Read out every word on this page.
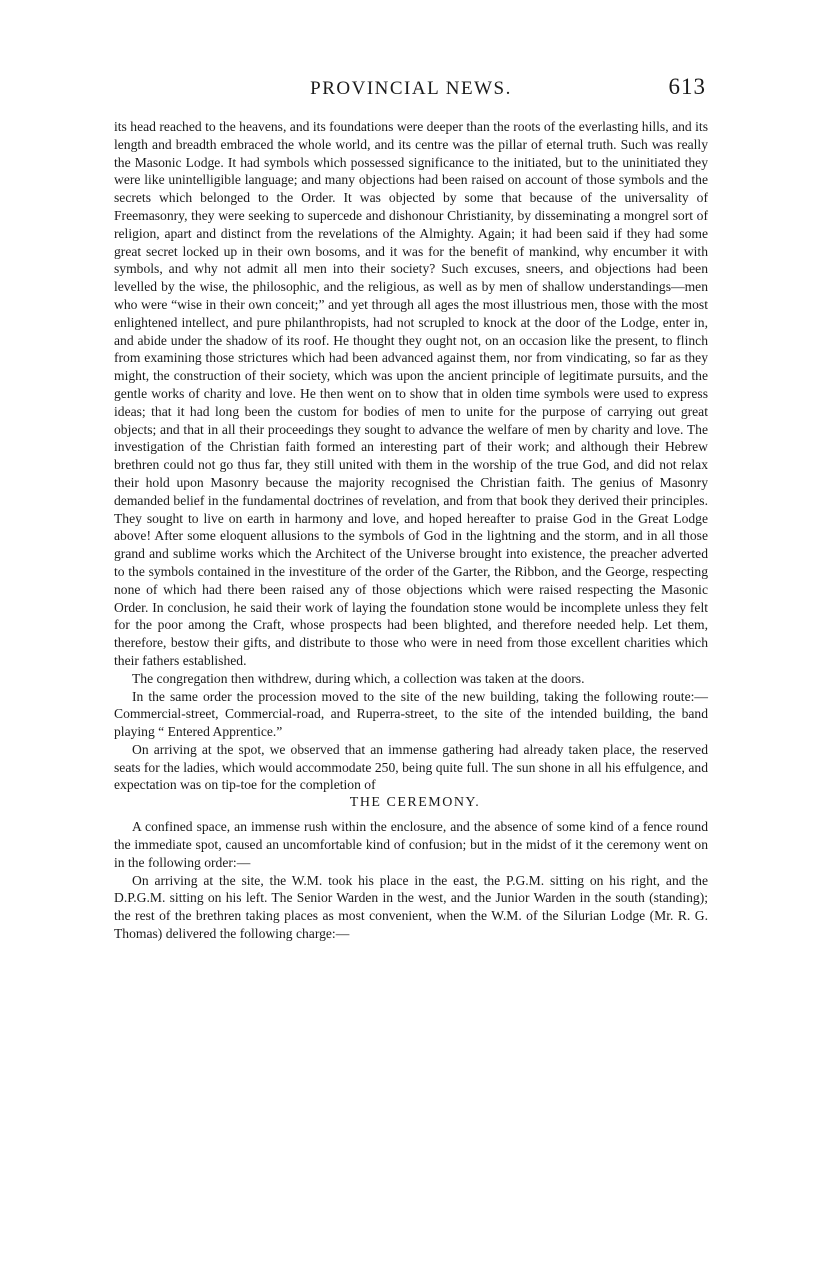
PROVINCIAL NEWS.	613

its head reached to the heavens, and its foundations were deeper than the roots of the everlasting hills, and its length and breadth embraced the whole world, and its centre was the pillar of eternal truth. Such was really the Masonic Lodge. It had symbols which possessed significance to the initiated, but to the uninitiated they were like unintelligible language; and many objections had been raised on account of those symbols and the secrets which belonged to the Order. It was objected by some that because of the universality of Freemasonry, they were seeking to supercede and dishonour Christianity, by disseminating a mongrel sort of religion, apart and distinct from the revelations of the Almighty. Again; it had been said if they had some great secret locked up in their own bosoms, and it was for the benefit of mankind, why encumber it with symbols, and why not admit all men into their society? Such excuses, sneers, and objections had been levelled by the wise, the philosophic, and the religious, as well as by men of shallow understandings—men who were “wise in their own conceit;” and yet through all ages the most illustrious men, those with the most enlightened intellect, and pure philanthropists, had not scrupled to knock at the door of the Lodge, enter in, and abide under the shadow of its roof. He thought they ought not, on an occasion like the present, to flinch from examining those strictures which had been advanced against them, nor from vindicating, so far as they might, the construction of their society, which was upon the ancient principle of legitimate pursuits, and the gentle works of charity and love. He then went on to show that in olden time symbols were used to express ideas; that it had long been the custom for bodies of men to unite for the purpose of carrying out great objects; and that in all their proceedings they sought to advance the welfare of men by charity and love. The investigation of the Christian faith formed an interesting part of their work; and although their Hebrew brethren could not go thus far, they still united with them in the worship of the true God, and did not relax their hold upon Masonry because the majority recognised the Christian faith. The genius of Masonry demanded belief in the fundamental doctrines of revelation, and from that book they derived their principles. They sought to live on earth in harmony and love, and hoped hereafter to praise God in the Great Lodge above! After some eloquent allusions to the symbols of God in the lightning and the storm, and in all those grand and sublime works which the Architect of the Universe brought into existence, the preacher adverted to the symbols contained in the investiture of the order of the Garter, the Ribbon, and the George, respecting none of which had there been raised any of those objections which were raised respecting the Masonic Order. In conclusion, he said their work of laying the foundation stone would be incomplete unless they felt for the poor among the Craft, whose prospects had been blighted, and therefore needed help. Let them, therefore, bestow their gifts, and distribute to those who were in need from those excellent charities which their fathers established.

The congregation then withdrew, during which, a collection was taken at the doors.

In the same order the procession moved to the site of the new building, taking the following route:—Commercial-street, Commercial-road, and Ruperra-street, to the site of the intended building, the band playing “ Entered Apprentice.”

On arriving at the spot, we observed that an immense gathering had already taken place, the reserved seats for the ladies, which would accommodate 250, being quite full. The sun shone in all his effulgence, and expectation was on tip-toe for the completion of

THE CEREMONY.

A confined space, an immense rush within the enclosure, and the absence of some kind of a fence round the immediate spot, caused an uncomfortable kind of confusion; but in the midst of it the ceremony went on in the following order:—

On arriving at the site, the W.M. took his place in the east, the P.G.M. sitting on his right, and the D.P.G.M. sitting on his left. The Senior Warden in the west, and the Junior Warden in the south (standing); the rest of the brethren taking places as most convenient, when the W.M. of the Silurian Lodge (Mr. R. G. Thomas) delivered the following charge:—
